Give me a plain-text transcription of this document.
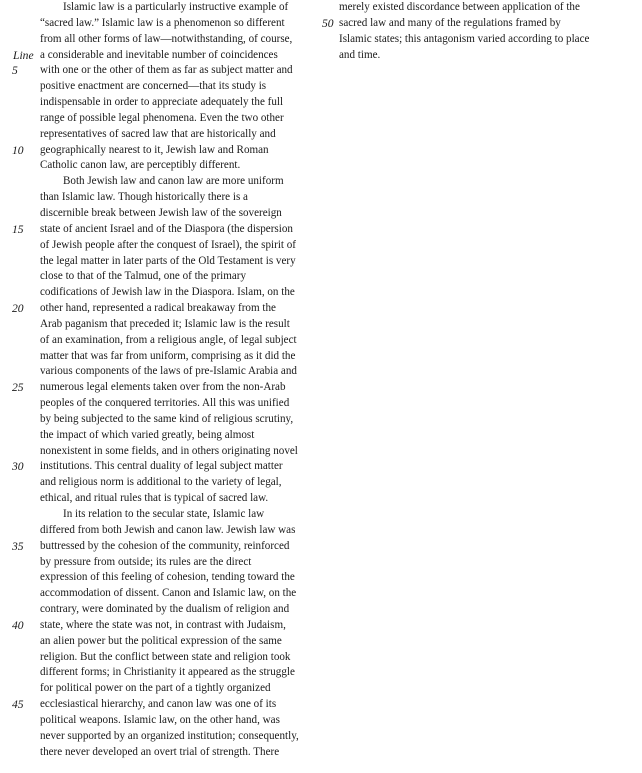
Islamic law is a particularly instructive example of
“sacred law.” Islamic law is a phenomenon so different
from all other forms of law—notwithstanding, of course,
Line a considerable and inevitable number of coincidences
5	with one or the other of them as far as subject matter and
positive enactment are concerned—that its study is
indispensable in order to appreciate adequately the full
range of possible legal phenomena. Even the two other
representatives of sacred law that are historically and
10	geographically nearest to it, Jewish law and Roman
Catholic canon law, are perceptibly different.
Both Jewish law and canon law are more uniform
than Islamic law. Though historically there is a
discernible break between Jewish law of the sovereign
15	state of ancient Israel and of the Diaspora (the dispersion
of Jewish people after the conquest of Israel), the spirit of
the legal matter in later parts of the Old Testament is very
close to that of the Talmud, one of the primary
codifications of Jewish law in the Diaspora. Islam, on the
20	other hand, represented a radical breakaway from the
Arab paganism that preceded it; Islamic law is the result
of an examination, from a religious angle, of legal subject
matter that was far from uniform, comprising as it did the
various components of the laws of pre-Islamic Arabia and
25	numerous legal elements taken over from the non-Arab
peoples of the conquered territories. All this was unified
by being subjected to the same kind of religious scrutiny,
the impact of which varied greatly, being almost
nonexistent in some fields, and in others originating novel
30	institutions. This central duality of legal subject matter
and religious norm is additional to the variety of legal,
ethical, and ritual rules that is typical of sacred law.
In its relation to the secular state, Islamic law
differed from both Jewish and canon law. Jewish law was
35	buttressed by the cohesion of the community, reinforced
by pressure from outside; its rules are the direct
expression of this feeling of cohesion, tending toward the
accommodation of dissent. Canon and Islamic law, on the
contrary, were dominated by the dualism of religion and
40	state, where the state was not, in contrast with Judaism,
an alien power but the political expression of the same
religion. But the conflict between state and religion took
different forms; in Christianity it appeared as the struggle
for political power on the part of a tightly organized
45	ecclesiastical hierarchy, and canon law was one of its
political weapons. Islamic law, on the other hand, was
never supported by an organized institution; consequently,
there never developed an overt trial of strength. There
merely existed discordance between application of the
50 sacred law and many of the regulations framed by
Islamic states; this antagonism varied according to place
and time.
